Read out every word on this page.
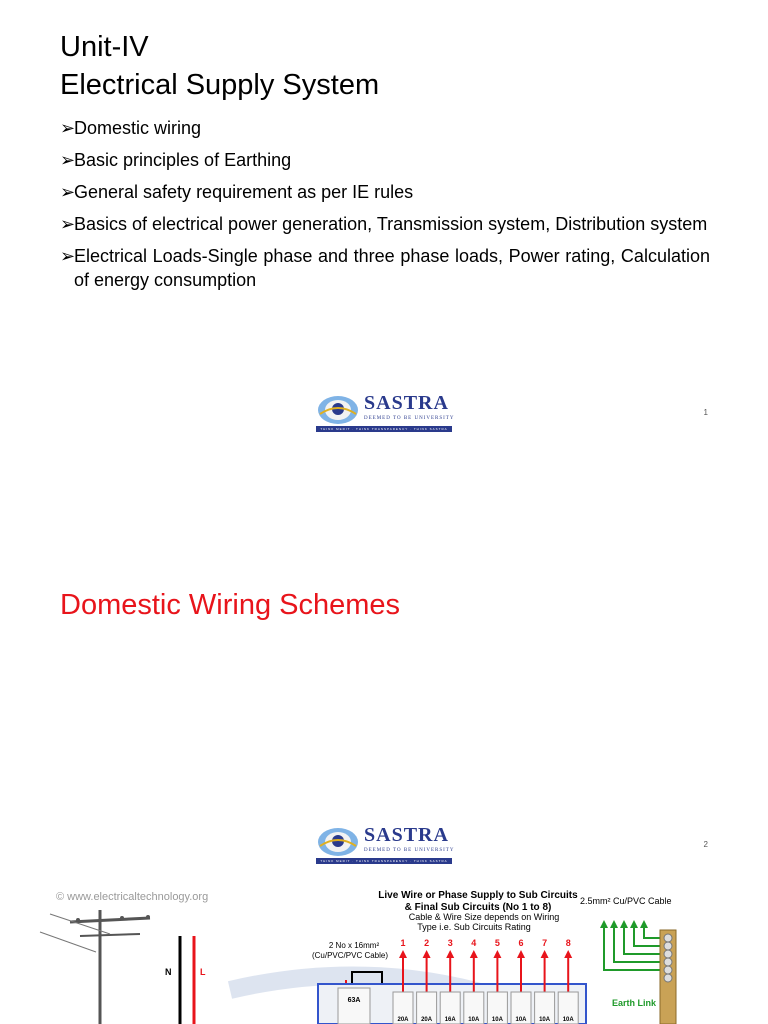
Unit-IV
Electrical Supply System
➢
Domestic wiring
➢
Basic principles of Earthing
➢
General safety requirement as per IE rules
➢
Basics of electrical power generation, Transmission system, Distribution system
➢
Electrical Loads-Single phase and three phase loads, Power rating, Calculation of energy consumption
SASTRA
DEEMED TO BE UNIVERSITY
THINK MERIT · THINK TRANSPARENCY · THINK SASTRA
1
Domestic Wiring Schemes
SASTRA
DEEMED TO BE UNIVERSITY
THINK MERIT · THINK TRANSPARENCY · THINK SASTRA
2
© www.electricaltechnology.org
N	L
Live Wire or Phase Supply to Sub Circuits
& Final Sub Circuits (No 1 to 8)
Cable & Wire Size depends on Wiring
Type i.e. Sub Circuits Rating
2.5mm² Cu/PVC Cable
2 No x 16mm²
(Cu/PVC/PVC Cable)
63A
1
20A
2
20A
3
16A
4
10A
5
10A
6
10A
7
10A
8
10A
Earth Link
